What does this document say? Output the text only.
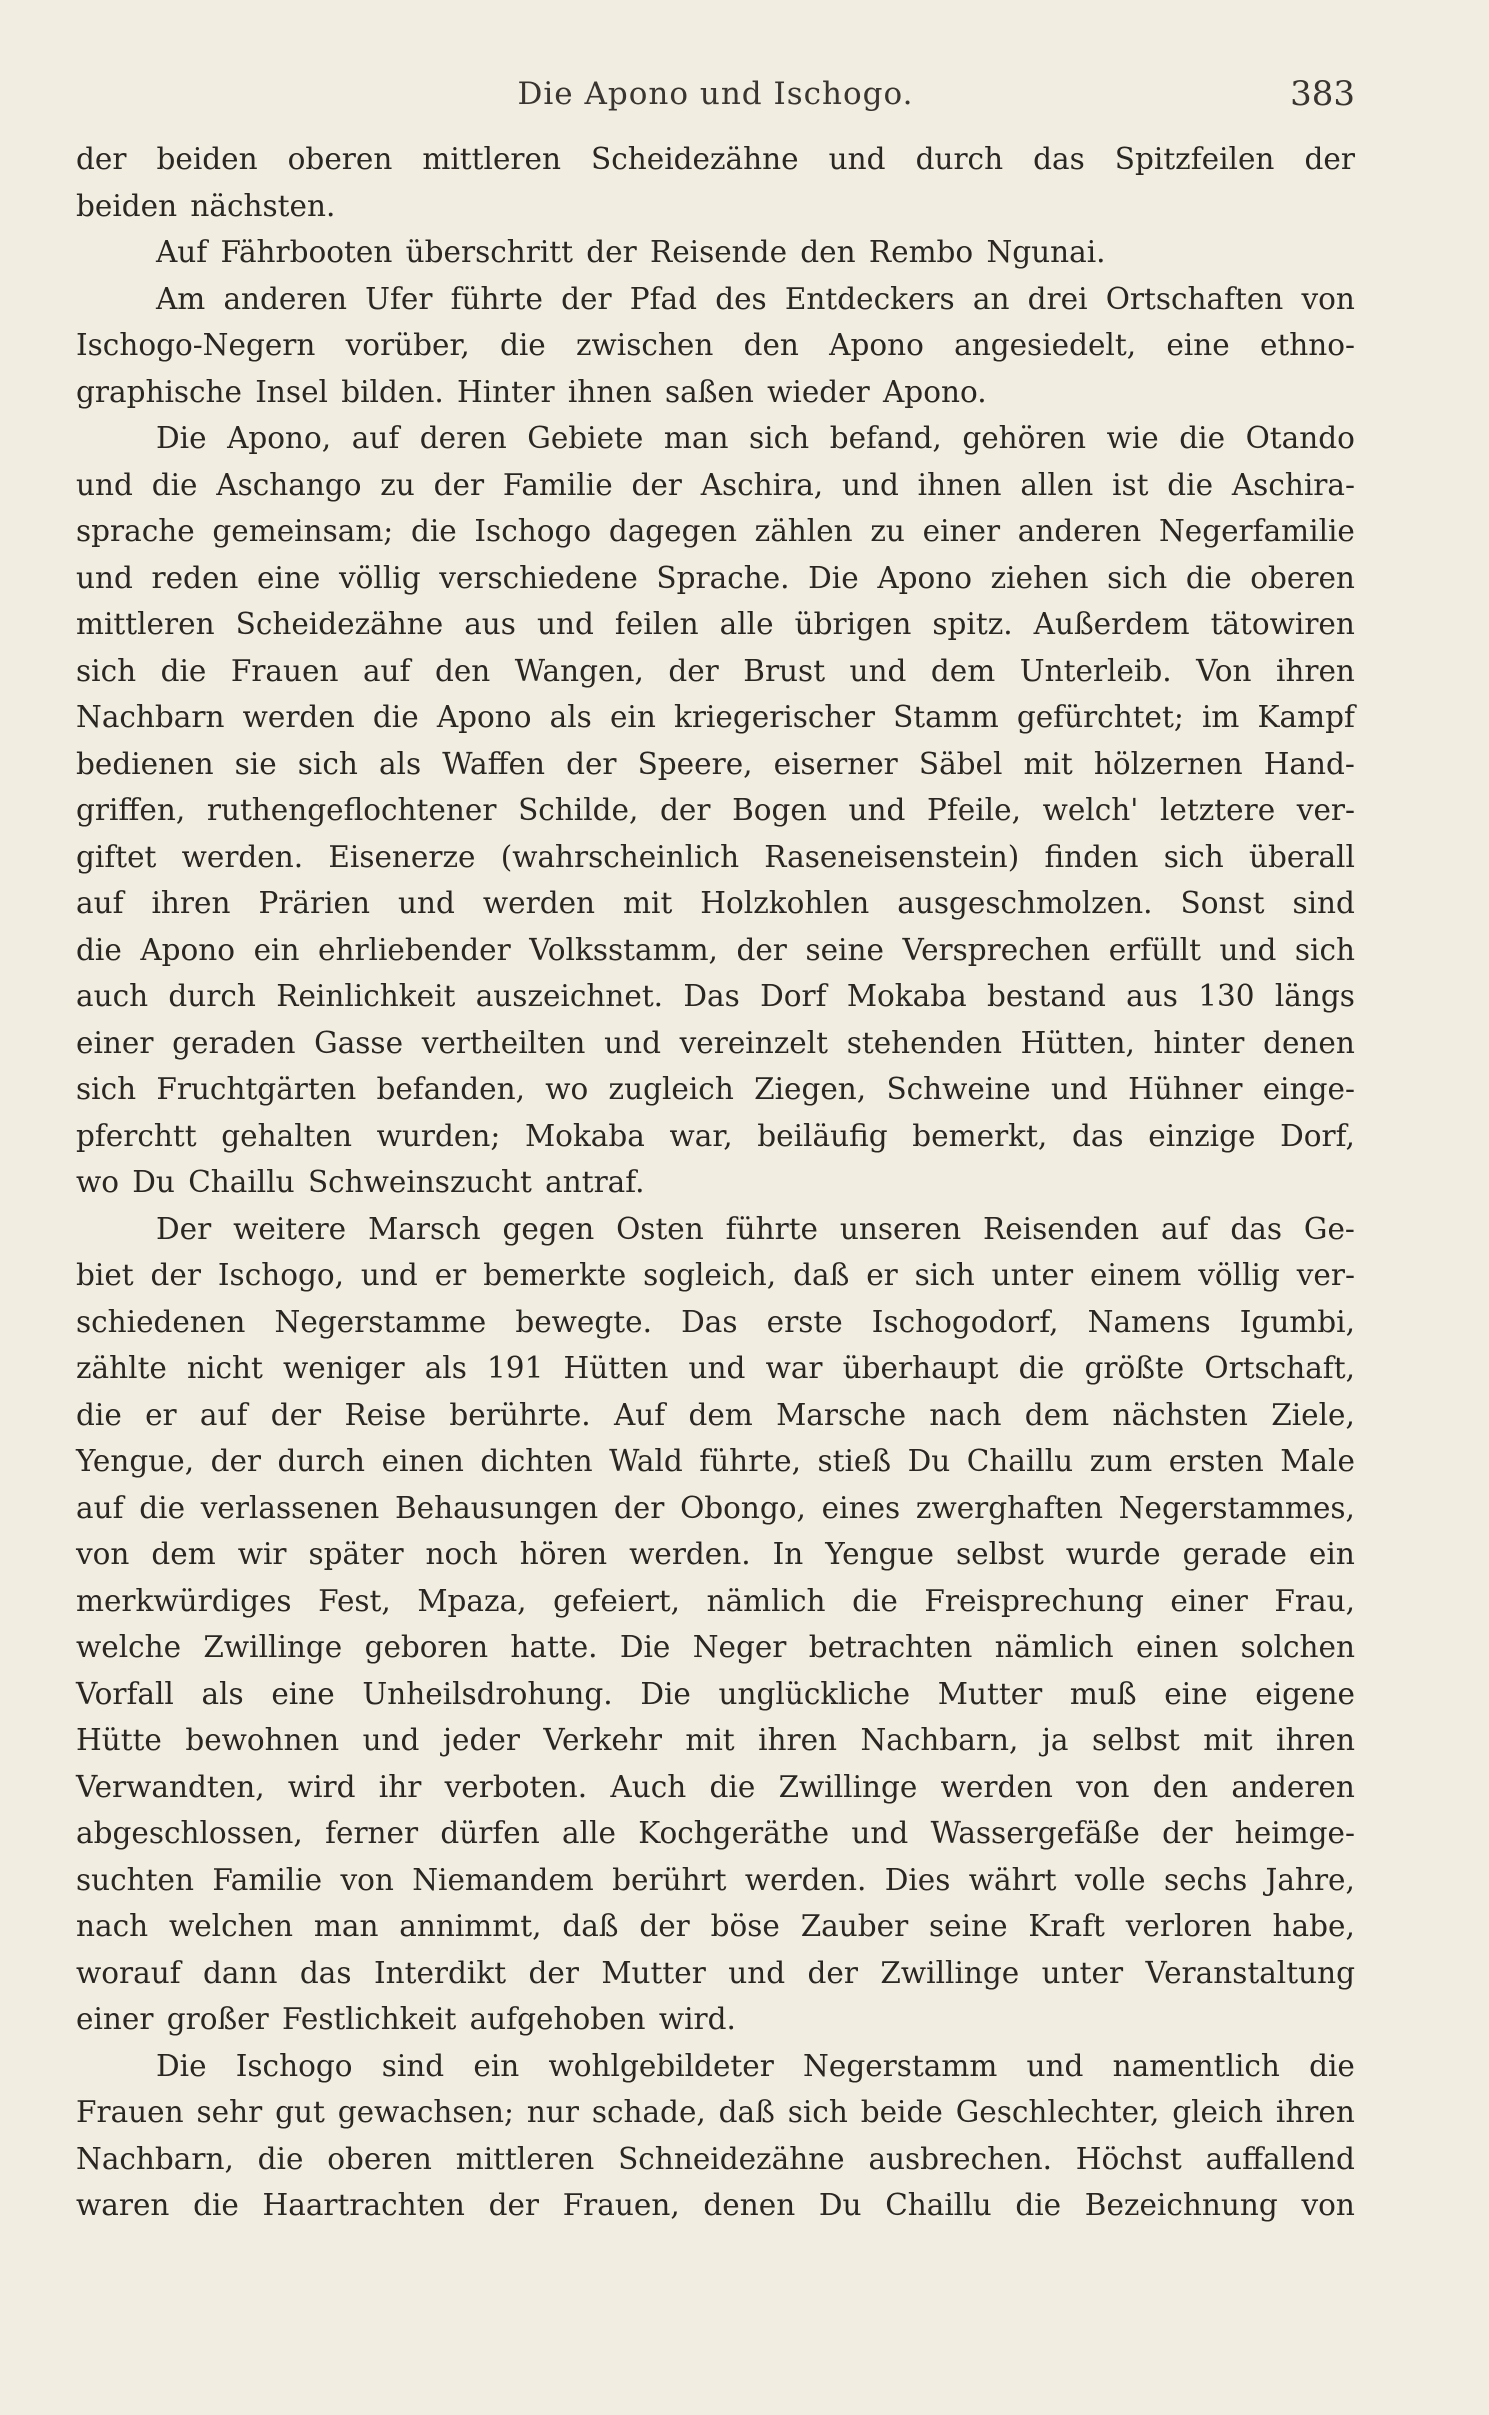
Die Apono und Ischogo.	383
der beiden oberen mittleren Scheidezähne und durch das Spitzfeilen der
beiden nächsten.
Auf Fährbooten überschritt der Reisende den Rembo Ngunai.
Am anderen Ufer führte der Pfad des Entdeckers an drei Ortschaften von
Ischogo-Negern vorüber, die zwischen den Apono angesiedelt, eine ethno-
graphische Insel bilden. Hinter ihnen saßen wieder Apono.
Die Apono, auf deren Gebiete man sich befand, gehören wie die Otando
und die Aschango zu der Familie der Aschira, und ihnen allen ist die Aschira-
sprache gemeinsam; die Ischogo dagegen zählen zu einer anderen Negerfamilie
und reden eine völlig verschiedene Sprache. Die Apono ziehen sich die oberen
mittleren Scheidezähne aus und feilen alle übrigen spitz. Außerdem tätowiren
sich die Frauen auf den Wangen, der Brust und dem Unterleib. Von ihren
Nachbarn werden die Apono als ein kriegerischer Stamm gefürchtet; im Kampf
bedienen sie sich als Waffen der Speere, eiserner Säbel mit hölzernen Hand-
griffen, ruthengeflochtener Schilde, der Bogen und Pfeile, welch' letztere ver-
giftet werden. Eisenerze (wahrscheinlich Raseneisenstein) finden sich überall
auf ihren Prärien und werden mit Holzkohlen ausgeschmolzen. Sonst sind
die Apono ein ehrliebender Volksstamm, der seine Versprechen erfüllt und sich
auch durch Reinlichkeit auszeichnet. Das Dorf Mokaba bestand aus 130 längs
einer geraden Gasse vertheilten und vereinzelt stehenden Hütten, hinter denen
sich Fruchtgärten befanden, wo zugleich Ziegen, Schweine und Hühner einge-
pferchtt gehalten wurden; Mokaba war, beiläufig bemerkt, das einzige Dorf,
wo Du Chaillu Schweinszucht antraf.
Der weitere Marsch gegen Osten führte unseren Reisenden auf das Ge-
biet der Ischogo, und er bemerkte sogleich, daß er sich unter einem völlig ver-
schiedenen Negerstamme bewegte. Das erste Ischogodorf, Namens Igumbi,
zählte nicht weniger als 191 Hütten und war überhaupt die größte Ortschaft,
die er auf der Reise berührte. Auf dem Marsche nach dem nächsten Ziele,
Yengue, der durch einen dichten Wald führte, stieß Du Chaillu zum ersten Male
auf die verlassenen Behausungen der Obongo, eines zwerghaften Negerstammes,
von dem wir später noch hören werden. In Yengue selbst wurde gerade ein
merkwürdiges Fest, Mpaza, gefeiert, nämlich die Freisprechung einer Frau,
welche Zwillinge geboren hatte. Die Neger betrachten nämlich einen solchen
Vorfall als eine Unheilsdrohung. Die unglückliche Mutter muß eine eigene
Hütte bewohnen und jeder Verkehr mit ihren Nachbarn, ja selbst mit ihren
Verwandten, wird ihr verboten. Auch die Zwillinge werden von den anderen
abgeschlossen, ferner dürfen alle Kochgeräthe und Wassergefäße der heimge-
suchten Familie von Niemandem berührt werden. Dies währt volle sechs Jahre,
nach welchen man annimmt, daß der böse Zauber seine Kraft verloren habe,
worauf dann das Interdikt der Mutter und der Zwillinge unter Veranstaltung
einer großer Festlichkeit aufgehoben wird.
Die Ischogo sind ein wohlgebildeter Negerstamm und namentlich die
Frauen sehr gut gewachsen; nur schade, daß sich beide Geschlechter, gleich ihren
Nachbarn, die oberen mittleren Schneidezähne ausbrechen. Höchst auffallend
waren die Haartrachten der Frauen, denen Du Chaillu die Bezeichnung von
